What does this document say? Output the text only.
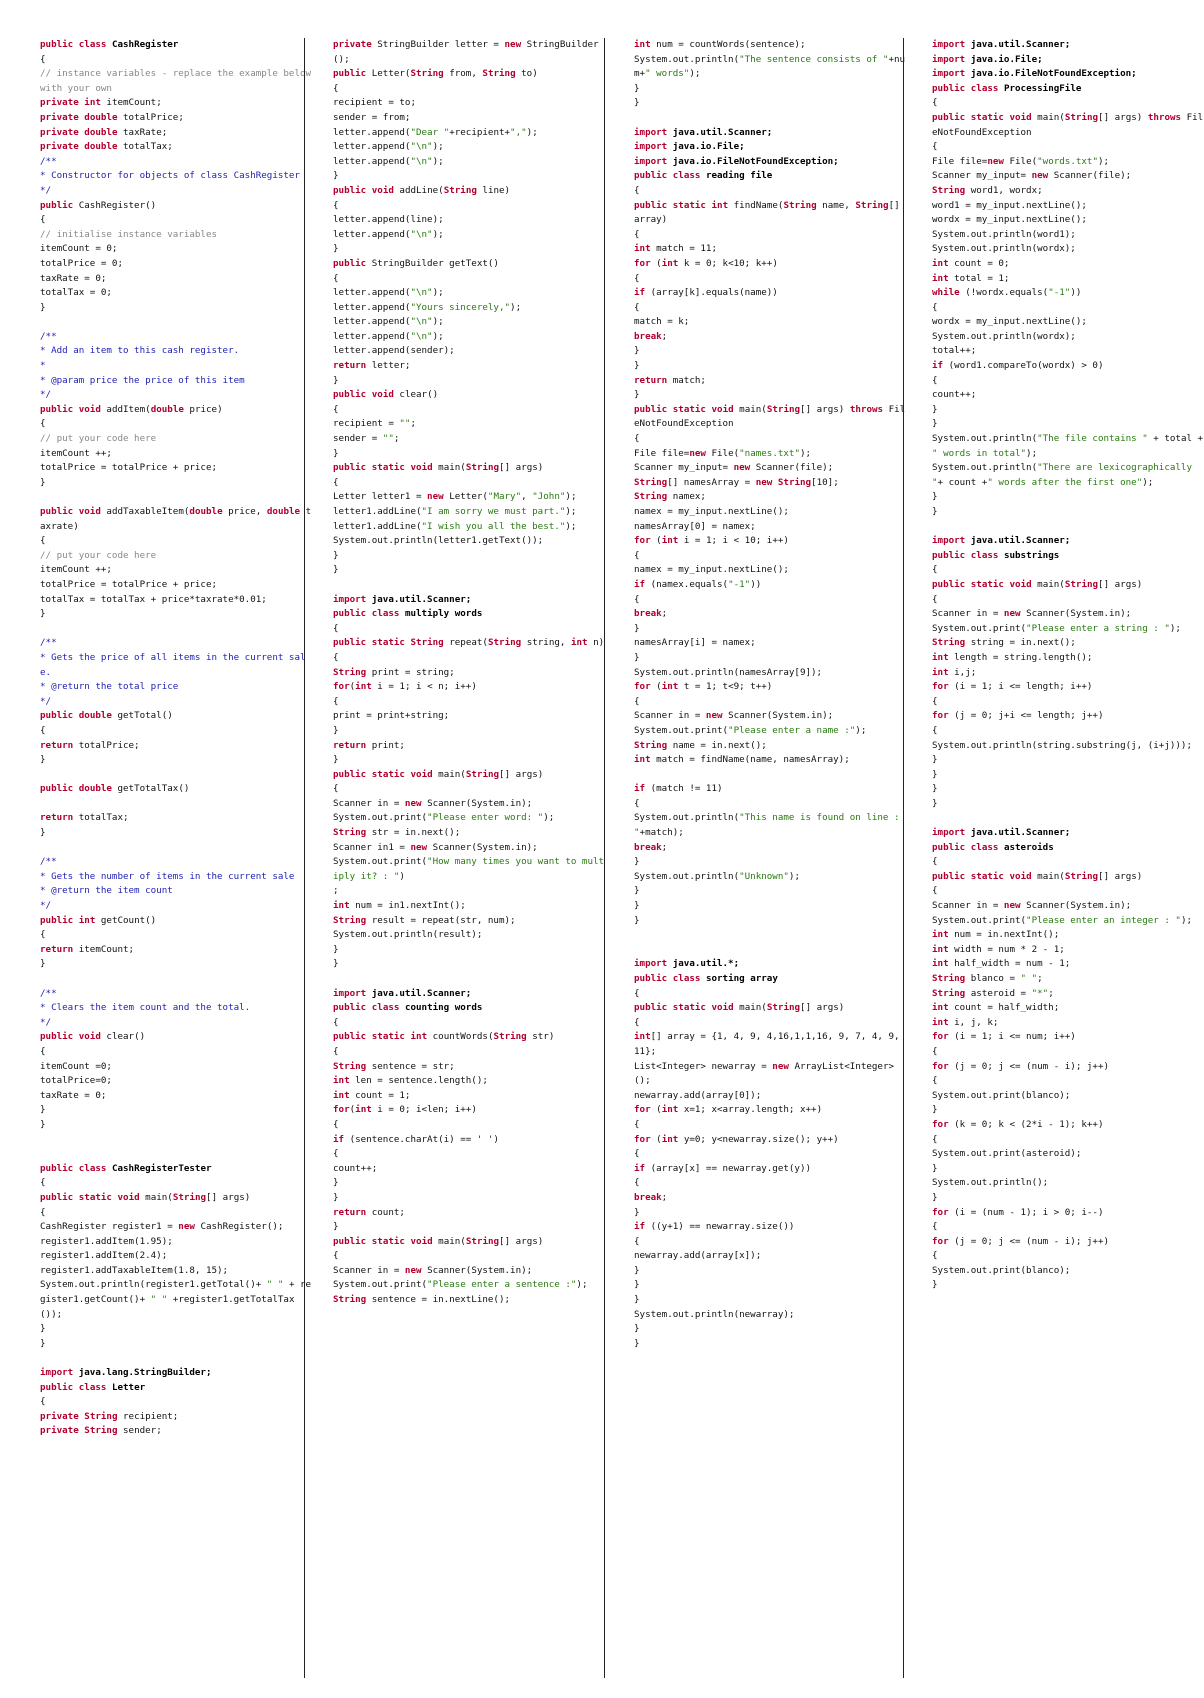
public class CashRegister
{
// instance variables - replace the example below with your own
private int itemCount;
private double totalPrice;
private double taxRate;
private double totalTax;
/**
* Constructor for objects of class CashRegister
*/
public CashRegister()
{
// initialise instance variables
itemCount = 0;
totalPrice = 0;
taxRate = 0;
totalTax = 0;
}
/**
* Add an item to this cash register.
*
* @param price the price of this item
*/
public void addItem(double price)
{
// put your code here
itemCount ++;
totalPrice = totalPrice + price;
}
public void addTaxableItem(double price, double taxrate)
{
// put your code here
itemCount ++;
totalPrice = totalPrice + price;
totalTax = totalTax + price*taxrate*0.01;
}
/**
* Gets the price of all items in the current sale.
* @return the total price
*/
public double getTotal()
{
return totalPrice;
}
public double getTotalTax()
return totalTax;
}
/**
* Gets the number of items in the current sale
* @return the item count
*/
public int getCount()
{
return itemCount;
}
/**
* Clears the item count and the total.
*/
public void clear()
{
itemCount =0;
totalPrice=0;
taxRate = 0;
}
}
public class CashRegisterTester
{
public static void main(String[] args)
{
CashRegister register1 = new CashRegister();
register1.addItem(1.95);
register1.addItem(2.4);
register1.addTaxableItem(1.8, 15);
System.out.println(register1.getTotal()+ " " + register1.getCount()+ " " +register1.getTotalTax());
}
}
import java.lang.StringBuilder;
public class Letter
{
private String recipient;
private String sender;
private StringBuilder letter = new StringBuilder();
public Letter(String from, String to)
{
recipient = to;
sender = from;
letter.append("Dear "+recipient+",");
letter.append("\n");
letter.append("\n");
}
public void addLine(String line)
{
letter.append(line);
letter.append("\n");
}
public StringBuilder getText()
{
letter.append("\n");
letter.append("Yours sincerely,");
letter.append("\n");
letter.append("\n");
letter.append(sender);
return letter;
}
public void clear()
{
recipient = "";
sender = "";
}
public static void main(String[] args)
{
Letter letter1 = new Letter("Mary", "John");
letter1.addLine("I am sorry we must part.");
letter1.addLine("I wish you all the best.");
System.out.println(letter1.getText());
}
}
import java.util.Scanner;
public class multiply words
{
public static String repeat(String string, int n)
{
String print = string;
for(int i = 1; i < n; i++)
{
print = print+string;
}
return print;
}
public static void main(String[] args)
{
Scanner in = new Scanner(System.in);
System.out.print("Please enter word: ");
String str = in.next();
Scanner in1 = new Scanner(System.in);
System.out.print("How many times you want to multiply it? : ")
;
int num = in1.nextInt();
String result = repeat(str, num);
System.out.println(result);
}
}
import java.util.Scanner;
public class counting words
{
public static int countWords(String str)
{
String sentence = str;
int len = sentence.length();
int count = 1;
for(int i = 0; i<len; i++)
{
if (sentence.charAt(i) == ' ')
{
count++;
}
}
return count;
}
public static void main(String[] args)
{
Scanner in = new Scanner(System.in);
System.out.print("Please enter a sentence :");
String sentence = in.nextLine();
int num = countWords(sentence);
System.out.println("The sentence consists of "+num+" words");
}
}
import java.util.Scanner;
import java.io.File;
import java.io.FileNotFoundException;
public class reading file
{
public static int findName(String name, String[] array)
{
int match = 11;
for (int k = 0; k<10; k++)
{
if (array[k].equals(name))
{
match = k;
break;
}
}
return match;
}
public static void main(String[] args) throws FileNotFoundException
{
File file=new File("names.txt");
Scanner my_input= new Scanner(file);
String[] namesArray = new String[10];
String namex;
namex = my_input.nextLine();
namesArray[0] = namex;
for (int i = 1; i < 10; i++)
{
namex = my_input.nextLine();
if (namex.equals("-1"))
{
break;
}
namesArray[i] = namex;
}
System.out.println(namesArray[9]);
for (int t = 1; t<9; t++)
{
Scanner in = new Scanner(System.in);
System.out.print("Please enter a name :");
String name = in.next();
int match = findName(name, namesArray);
if (match != 11)
{
System.out.println("This name is found on line : "+match);
break;
}
System.out.println("Unknown");
}
}
}
import java.util.*;
public class sorting array
{
public static void main(String[] args)
{
int[] array = {1, 4, 9, 4,16,1,1,16, 9, 7, 4, 9, 11};
List<Integer> newarray = new ArrayList<Integer>();
newarray.add(array[0]);
for (int x=1; x<array.length; x++)
{
for (int y=0; y<newarray.size(); y++)
{
if (array[x] == newarray.get(y))
{
break;
}
if ((y+1) == newarray.size())
{
newarray.add(array[x]);
}
}
}
System.out.println(newarray);
}
}
import java.util.Scanner;
import java.io.File;
import java.io.FileNotFoundException;
public class ProcessingFile
{
public static void main(String[] args) throws FileNotFoundException
{
File file=new File("words.txt");
Scanner my_input= new Scanner(file);
String word1, wordx;
word1 = my_input.nextLine();
wordx = my_input.nextLine();
System.out.println(word1);
System.out.println(wordx);
int count = 0;
int total = 1;
while (!wordx.equals("-1"))
{
wordx = my_input.nextLine();
System.out.println(wordx);
total++;
if (word1.compareTo(wordx) > 0)
{
count++;
}
}
System.out.println("The file contains " + total + " words in total");
System.out.println("There are lexicographically "+ count +" words after the first one");
}
}
import java.util.Scanner;
public class substrings
{
public static void main(String[] args)
{
Scanner in = new Scanner(System.in);
System.out.print("Please enter a string : ");
String string = in.next();
int length = string.length();
int i,j;
for (i = 1; i <= length; i++)
{
for (j = 0; j+i <= length; j++)
{
System.out.println(string.substring(j, (i+j)));
}
}
}
}
import java.util.Scanner;
public class asteroids
{
public static void main(String[] args)
{
Scanner in = new Scanner(System.in);
System.out.print("Please enter an integer : ");
int num = in.nextInt();
int width = num * 2 - 1;
int half_width = num - 1;
String blanco = " ";
String asteroid = "*";
int count = half_width;
int i, j, k;
for (i = 1; i <= num; i++)
{
for (j = 0; j <= (num - i); j++)
{
System.out.print(blanco);
}
for (k = 0; k < (2*i - 1); k++)
{
System.out.print(asteroid);
}
System.out.println();
}
for (i = (num - 1); i > 0; i--)
{
for (j = 0; j <= (num - i); j++)
{
System.out.print(blanco);
}
